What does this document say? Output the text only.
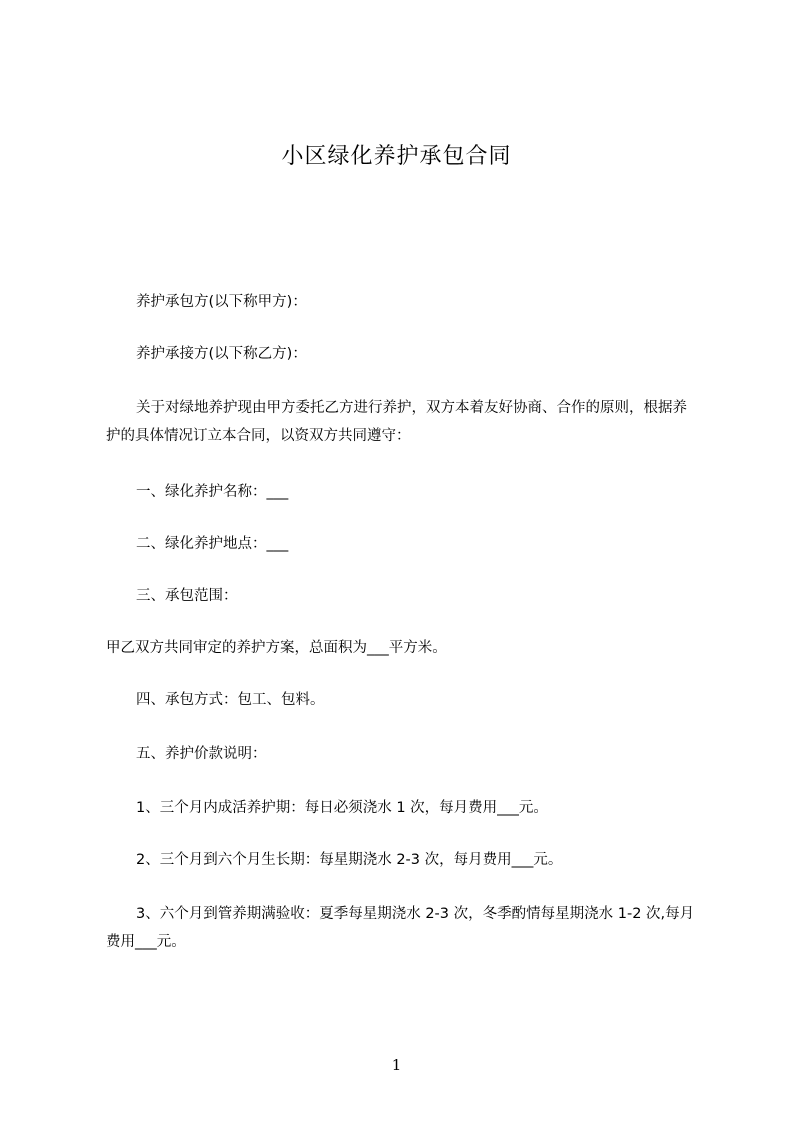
小区绿化养护承包合同
养护承包方(以下称甲方)：
养护承接方(以下称乙方)：
关于对绿地养护现由甲方委托乙方进行养护，双方本着友好协商、合作的原则，根据养护的具体情况订立本合同，以资双方共同遵守：
一、绿化养护名称：___
二、绿化养护地点：___
三、承包范围：
甲乙双方共同审定的养护方案，总面积为___平方米。
四、承包方式：包工、包料。
五、养护价款说明：
1、三个月内成活养护期：每日必须浇水 1 次，每月费用___元。
2、三个月到六个月生长期：每星期浇水 2-3 次，每月费用___元。
3、六个月到管养期满验收：夏季每星期浇水 2-3 次，冬季酌情每星期浇水 1-2 次,每月费用___元。
1
